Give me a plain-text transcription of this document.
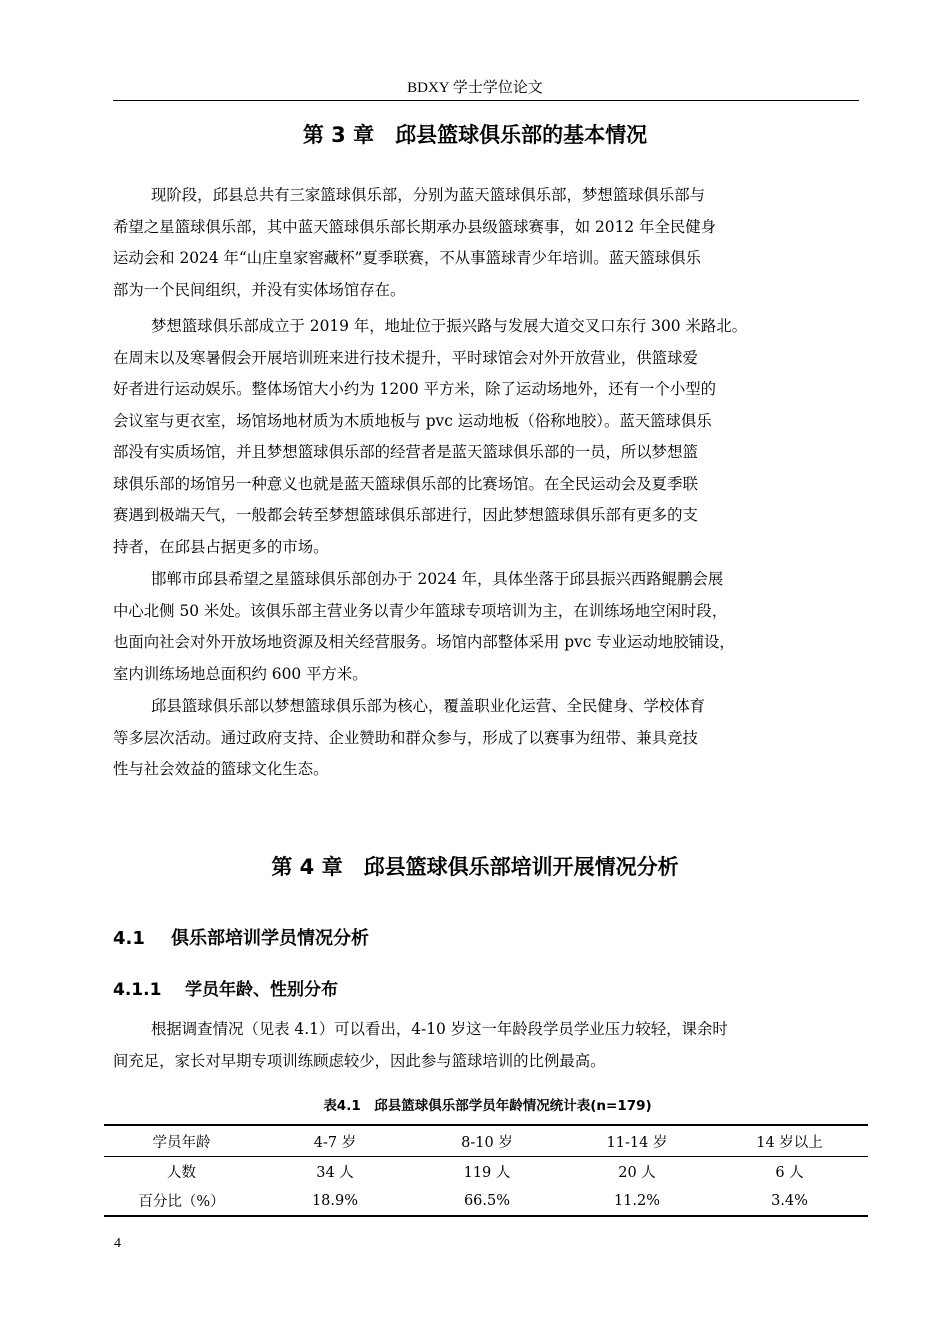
BDXY 学士学位论文
第 3 章　邱县篮球俱乐部的基本情况

现阶段，邱县总共有三家篮球俱乐部，分别为蓝天篮球俱乐部，梦想篮球俱乐部与
希望之星篮球俱乐部，其中蓝天篮球俱乐部长期承办县级篮球赛事，如 2012 年全民健身
运动会和 2024 年“山庄皇家窖藏杯”夏季联赛，不从事篮球青少年培训。蓝天篮球俱乐
部为一个民间组织，并没有实体场馆存在。

梦想篮球俱乐部成立于 2019 年，地址位于振兴路与发展大道交叉口东行 300 米路北。
在周末以及寒暑假会开展培训班来进行技术提升，平时球馆会对外开放营业，供篮球爱
好者进行运动娱乐。整体场馆大小约为 1200 平方米，除了运动场地外，还有一个小型的
会议室与更衣室，场馆场地材质为木质地板与 pvc 运动地板（俗称地胶）。蓝天篮球俱乐
部没有实质场馆，并且梦想篮球俱乐部的经营者是蓝天篮球俱乐部的一员，所以梦想篮
球俱乐部的场馆另一种意义也就是蓝天篮球俱乐部的比赛场馆。在全民运动会及夏季联
赛遇到极端天气，一般都会转至梦想篮球俱乐部进行，因此梦想篮球俱乐部有更多的支
持者，在邱县占据更多的市场。

邯郸市邱县希望之星篮球俱乐部创办于 2024 年，具体坐落于邱县振兴西路鲲鹏会展
中心北侧 50 米处。该俱乐部主营业务以青少年篮球专项培训为主，在训练场地空闲时段，
也面向社会对外开放场地资源及相关经营服务。场馆内部整体采用 pvc 专业运动地胶铺设，
室内训练场地总面积约 600 平方米。

邱县篮球俱乐部以梦想篮球俱乐部为核心，覆盖职业化运营、全民健身、学校体育
等多层次活动。通过政府支持、企业赞助和群众参与，形成了以赛事为纽带、兼具竞技
性与社会效益的篮球文化生态。

第 4 章　邱县篮球俱乐部培训开展情况分析
4.1 俱乐部培训学员情况分析
4.1.1 学员年龄、性别分布

根据调查情况（见表 4.1）可以看出，4-10 岁这一年龄段学员学业压力较轻，课余时
间充足，家长对早期专项训练顾虑较少，因此参与篮球培训的比例最高。

表4.1　邱县篮球俱乐部学员年龄情况统计表(n=179)
学员年龄	4-7 岁	8-10 岁	11-14 岁	14 岁以上
人数	34 人	119 人	20 人	6 人
百分比（%）	18.9%	66.5%	11.2%	3.4%
4
